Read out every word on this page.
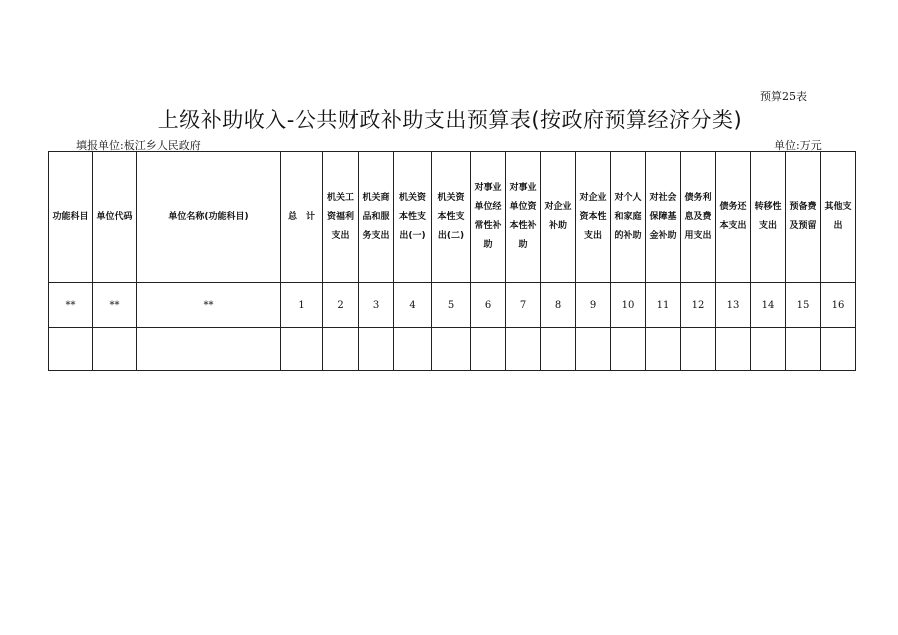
预算25表
上级补助收入-公共财政补助支出预算表(按政府预算经济分类)
填报单位:板江乡人民政府	单位:万元
功能科目	单位代码	单位名称(功能科目)	总　计	机关工资福利支出	机关商品和服务支出	机关资本性支出(一)	机关资本性支出(二)	对事业单位经常性补助	对事业单位资本性补助	对企业补助	对企业资本性支出	对个人和家庭的补助	对社会保障基金补助	债务利息及费用支出	债务还本支出	转移性支出	预备费及预留	其他支出
**	**	**	1	2	3	4	5	6	7	8	9	10	11	12	13	14	15	16
